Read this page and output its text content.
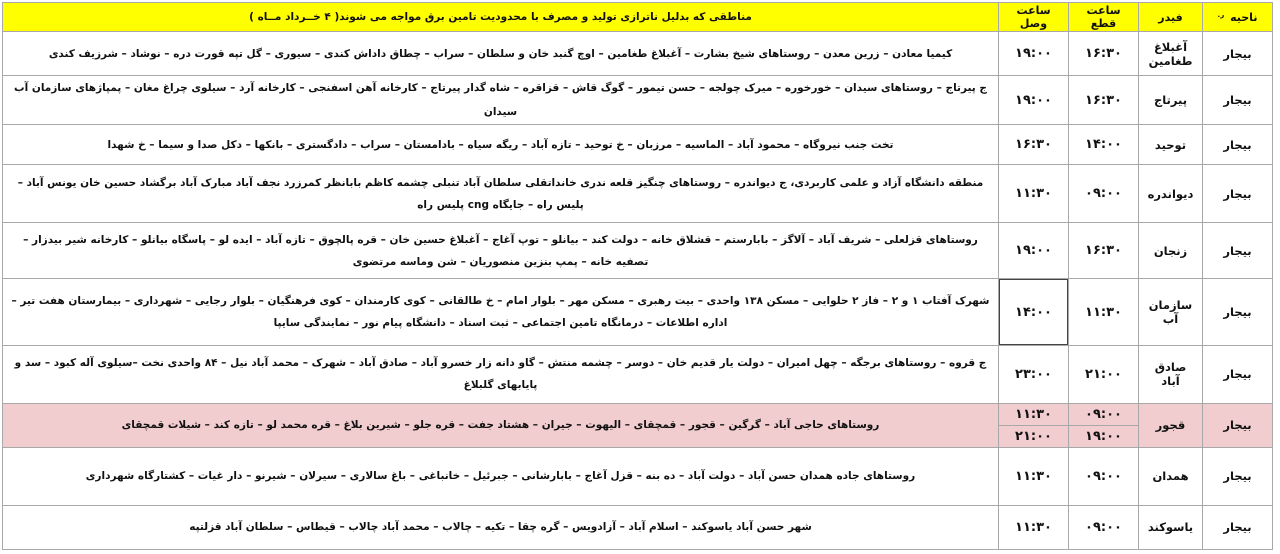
ناحیه $^{ر.}$	فیدر	ساعت قطع	ساعت وصل	مناطقی که بدلیل ناترازی تولید و مصرف با محدودیت تامین برق مواجه می شوند( ۴ خــرداد مــاه )
بیجار	آغبلاغ طغامین	۱۶:۳۰	۱۹:۰۰	کیمیا معادن – زرین معدن – روستاهای شیخ بشارت – آغبلاغ طغامین – اوچ گنبد خان و سلطان – سراب – چطاق داداش کندی – سیوری – گل تپه قورت دره – نوشاد – شرزیف کندی
بیجار	پیرتاج	۱۶:۳۰	۱۹:۰۰	ج پیرتاج – روستاهای سیدان – خورخوره – میرک چولجه – حسن تیمور – گوگ قاش – قزاقره – شاه گدار پیرتاج – کارخانه آهن اسفنجی – کارخانه آرد – سیلوی چراغ مغان – پمپاژهای سازمان آب سیدان
بیجار	توحید	۱۴:۰۰	۱۶:۳۰	تخت جنب نیروگاه – محمود آباد – الماسیه – مرزبان – خ توحید – تازه آباد – ریگه سیاه – بادامستان – سراب – دادگستری – بانکها – دکل صدا و سیما – خ شهدا
بیجار	دیواندره	۰۹:۰۰	۱۱:۳۰	منطقه دانشگاه آزاد و علمی کاربردی، ج دیواندره – روستاهای چنگیز قلعه ندری خانداتقلی سلطان آباد تنبلی چشمه کاظم بابانظر کمرزرد نجف آباد مبارک آباد برگشاد حسین خان یونس آباد – پلیس راه – جایگاه cng پلیس راه
بیجار	زنجان	۱۶:۳۰	۱۹:۰۰	روستاهای قزلعلی – شریف آباد – آلاگز – بابارستم – قشلاق خانه – دولت کند – بیانلو – توپ آغاج – آغبلاغ حسین خان – قره پالچوق – تازه آباد – ایده لو – پاسگاه بیانلو – کارخانه شیر بیدزار – تصفیه خانه – پمپ بنزین منصوریان – شن وماسه مرتضوی
بیجار	سازمان آب	۱۱:۳۰	۱۴:۰۰	شهرک آفتاب ۱ و ۲ – فاز ۲ حلوایی – مسکن ۱۳۸ واحدی – بیت رهبری – مسکن مهر – بلوار امام – خ طالقانی – کوی کارمندان – کوی فرهنگیان – بلوار رجایی – شهرداری – بیمارستان هفت تیر – اداره اطلاعات – درمانگاه تامین اجتماعی – ثبت اسناد – دانشگاه پیام نور – نمایندگی سایپا
بیجار	صادق آباد	۲۱:۰۰	۲۳:۰۰	ج قروه – روستاهای برجگه – چهل امیران – دولت یار قدیم خان – دوسر – چشمه منتش – گاو دانه زار خسرو آباد – صادق آباد – شهرک – محمد آباد نیل – ۸۴ واحدی نخت –سیلوی آله کبود – سد و پایابهای گلبلاغ
بیجار	قجور	۰۹:۰۰	۱۱:۳۰	روستاهای حاجی آباد – گرگین – قجور – قمچقای – الیهوت – جیران – هشتاد جفت – قره جلو – شیرین بلاغ – قره محمد لو – تازه کند – شیلات قمچقای
		۱۹:۰۰	۲۱:۰۰	
بیجار	همدان	۰۹:۰۰	۱۱:۳۰	روستاهای جاده همدان حسن آباد – دولت آباد – ده بنه – قزل آغاج – بابارشانی – جبرئیل – خانباغی – باغ سالاری – سیرلان – شیرنو – دار غیات – کشتارگاه شهرداری
بیجار	یاسوکند	۰۹:۰۰	۱۱:۳۰	شهر حسن آباد یاسوکند – اسلام آباد – آزادویس – گره چقا – تکیه – چالاب – محمد آباد چالاب – قیطاس – سلطان آباد قزلتپه
